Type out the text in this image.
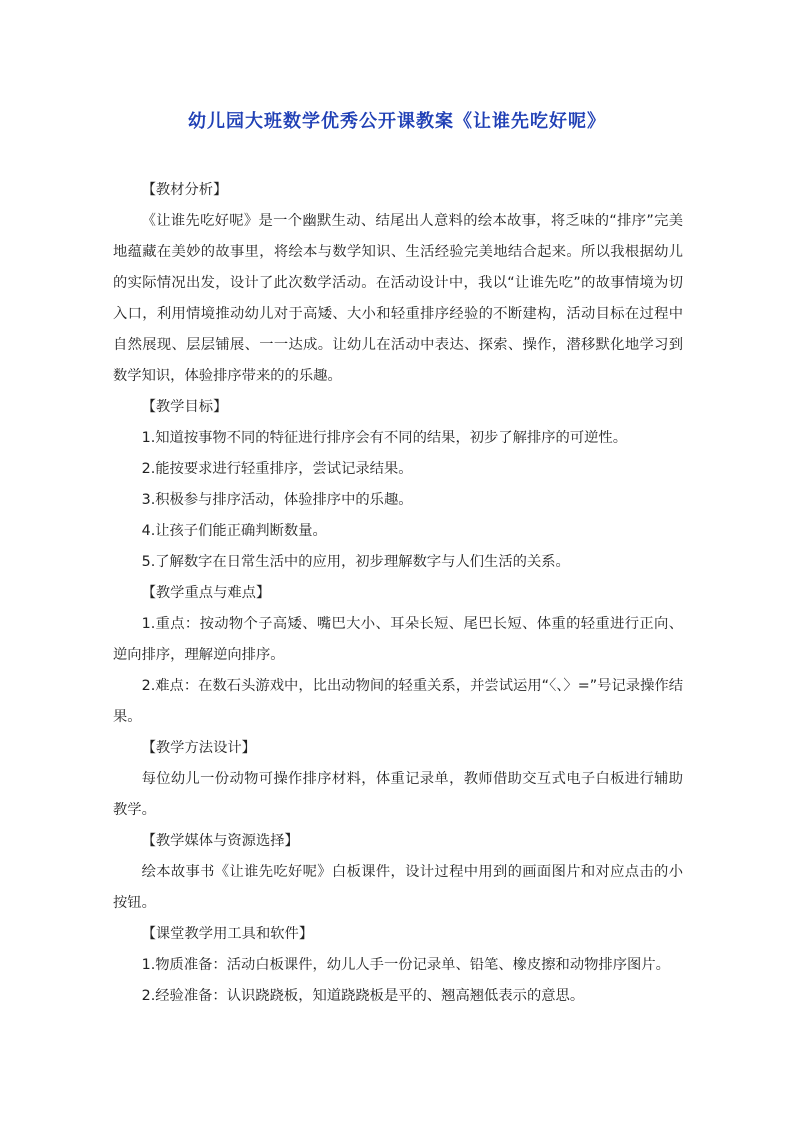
幼儿园大班数学优秀公开课教案《让谁先吃好呢》

【教材分析】

《让谁先吃好呢》是一个幽默生动、结尾出人意料的绘本故事，将乏味的“排序”完美地蕴藏在美妙的故事里，将绘本与数学知识、生活经验完美地结合起来。所以我根据幼儿的实际情况出发，设计了此次数学活动。在活动设计中，我以“让谁先吃”的故事情境为切入口，利用情境推动幼儿对于高矮、大小和轻重排序经验的不断建构，活动目标在过程中自然展现、层层铺展、一一达成。让幼儿在活动中表达、探索、操作，潜移默化地学习到数学知识，体验排序带来的的乐趣。

【教学目标】

1.知道按事物不同的特征进行排序会有不同的结果，初步了解排序的可逆性。

2.能按要求进行轻重排序，尝试记录结果。

3.积极参与排序活动，体验排序中的乐趣。

4.让孩子们能正确判断数量。

5.了解数字在日常生活中的应用，初步理解数字与人们生活的关系。

【教学重点与难点】

1.重点：按动物个子高矮、嘴巴大小、耳朵长短、尾巴长短、体重的轻重进行正向、逆向排序，理解逆向排序。

2.难点：在数石头游戏中，比出动物间的轻重关系，并尝试运用“〈、〉=”号记录操作结果。

【教学方法设计】

每位幼儿一份动物可操作排序材料，体重记录单，教师借助交互式电子白板进行辅助教学。

【教学媒体与资源选择】

绘本故事书《让谁先吃好呢》白板课件，设计过程中用到的画面图片和对应点击的小按钮。

【课堂教学用工具和软件】

1.物质准备：活动白板课件，幼儿人手一份记录单、铅笔、橡皮擦和动物排序图片。

2.经验准备：认识跷跷板，知道跷跷板是平的、翘高翘低表示的意思。
